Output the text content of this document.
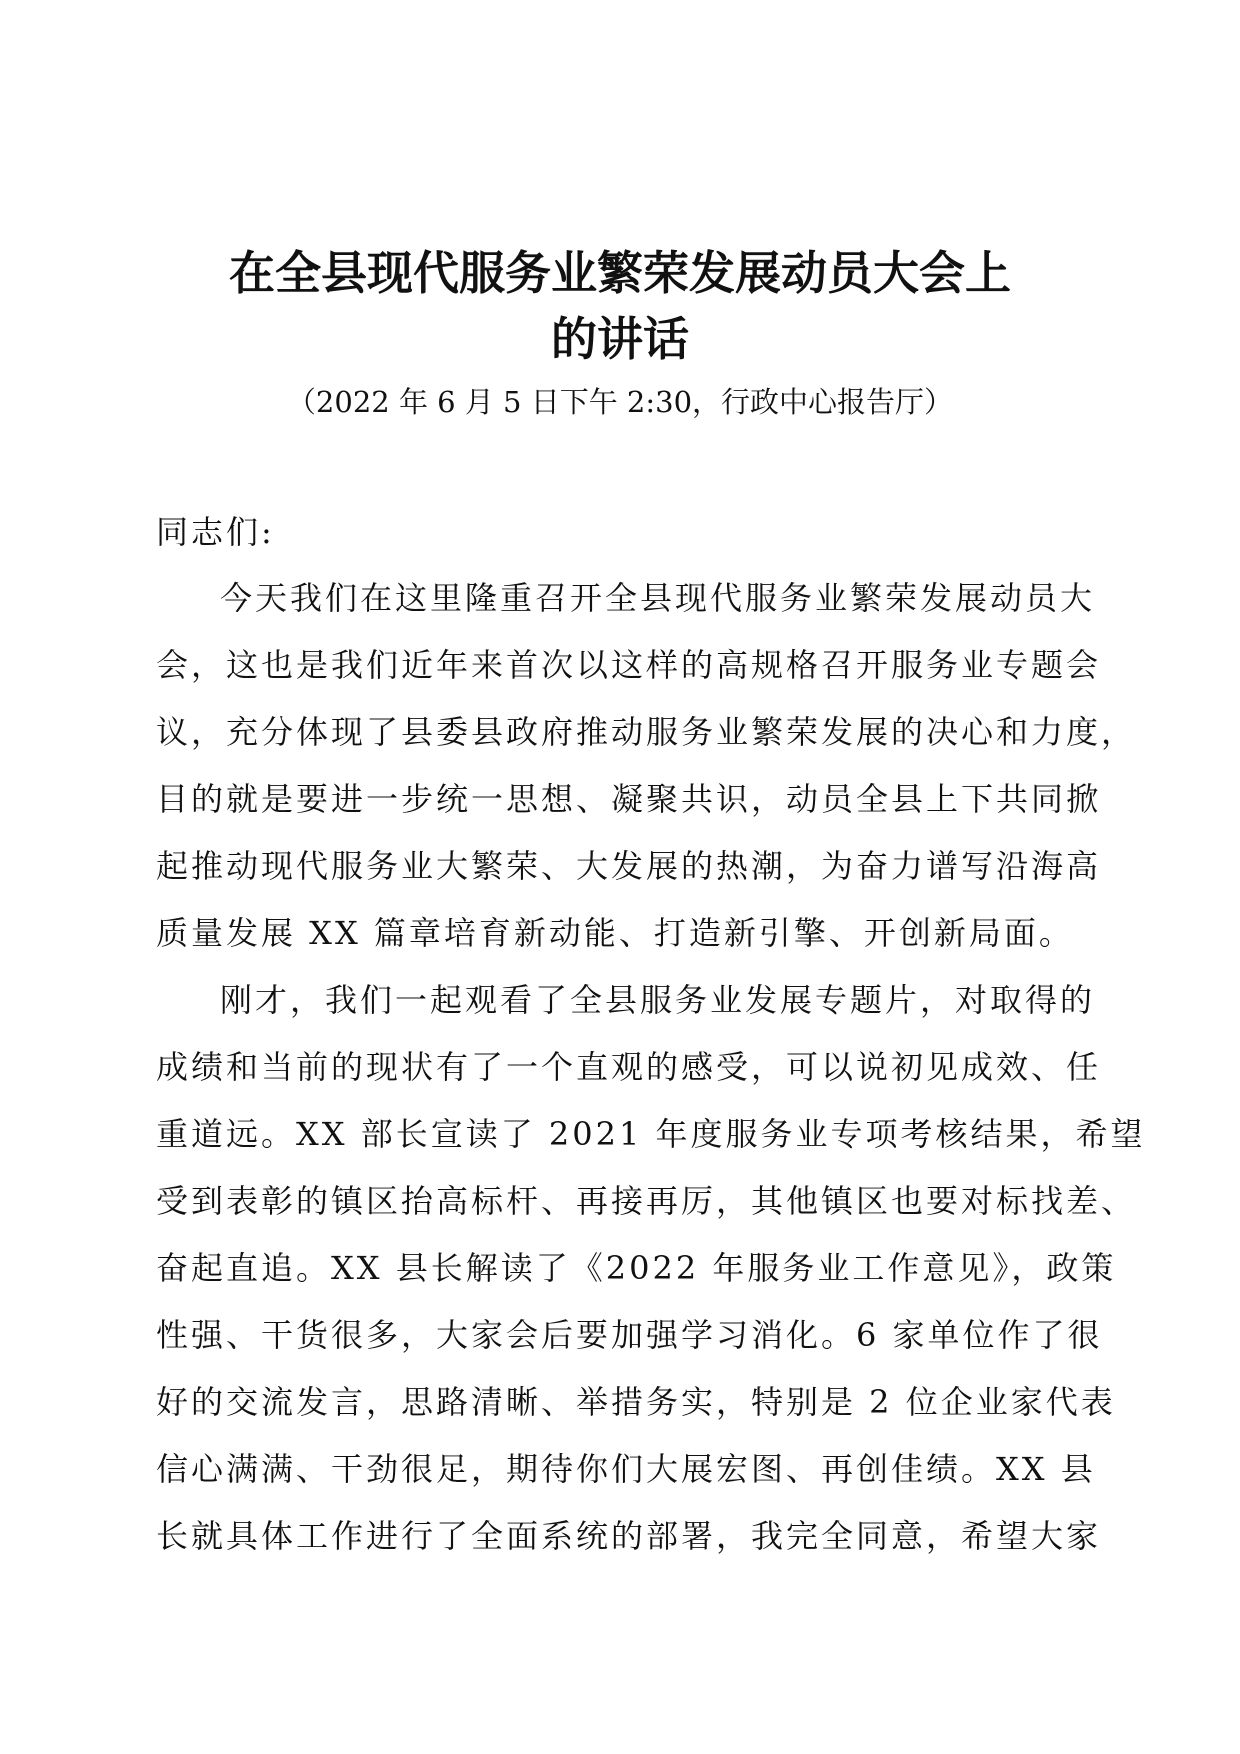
在全县现代服务业繁荣发展动员大会上
的讲话

（2022 年 6 月 5 日下午 2:30，行政中心报告厅）

同志们:
今天我们在这里隆重召开全县现代服务业繁荣发展动员大
会，这也是我们近年来首次以这样的高规格召开服务业专题会
议，充分体现了县委县政府推动服务业繁荣发展的决心和力度，
目的就是要进一步统一思想、凝聚共识，动员全县上下共同掀
起推动现代服务业大繁荣、大发展的热潮，为奋力谱写沿海高
质量发展 XX 篇章培育新动能、打造新引擎、开创新局面。
刚才，我们一起观看了全县服务业发展专题片，对取得的
成绩和当前的现状有了一个直观的感受，可以说初见成效、任
重道远。XX 部长宣读了 2021 年度服务业专项考核结果，希望
受到表彰的镇区抬高标杆、再接再厉，其他镇区也要对标找差、
奋起直追。XX 县长解读了《2022 年服务业工作意见》，政策
性强、干货很多，大家会后要加强学习消化。6 家单位作了很
好的交流发言，思路清晰、举措务实，特别是 2 位企业家代表
信心满满、干劲很足，期待你们大展宏图、再创佳绩。XX 县
长就具体工作进行了全面系统的部署，我完全同意，希望大家
